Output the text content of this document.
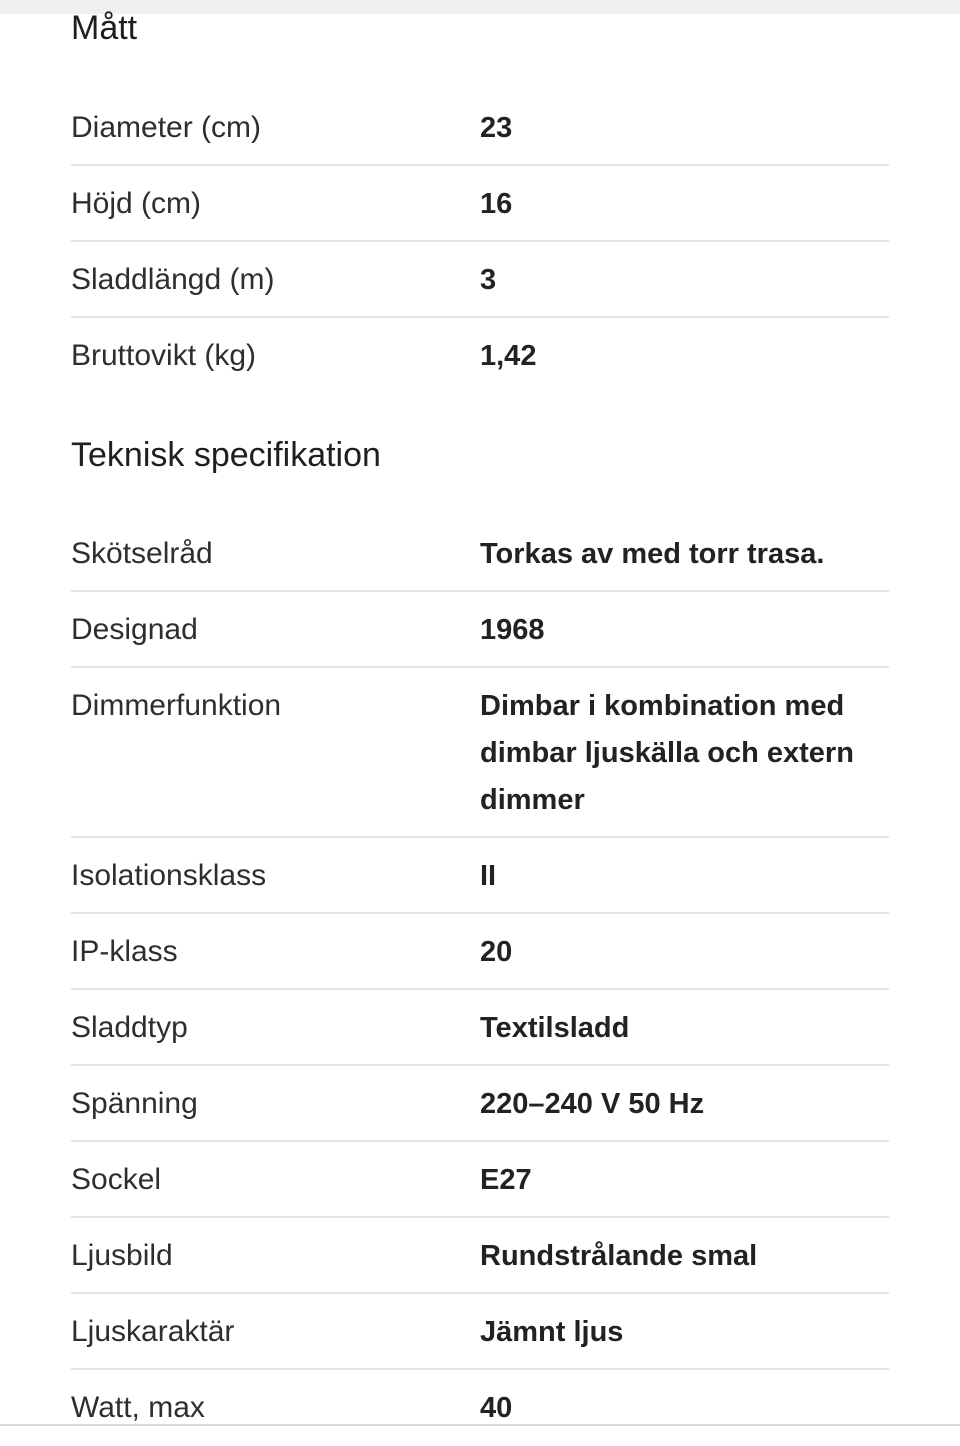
Mått
Diameter (cm)	23
Höjd (cm)	16
Sladdlängd (m)	3
Bruttovikt (kg)	1,42
Teknisk specifikation
Skötselråd	Torkas av med torr trasa.
Designad	1968
Dimmerfunktion	Dimbar i kombination med dimbar ljuskälla och extern dimmer
Isolationsklass	II
IP-klass	20
Sladdtyp	Textilsladd
Spänning	220–240 V 50 Hz
Sockel	E27
Ljusbild	Rundstrålande smal
Ljuskaraktär	Jämnt ljus
Watt, max	40
